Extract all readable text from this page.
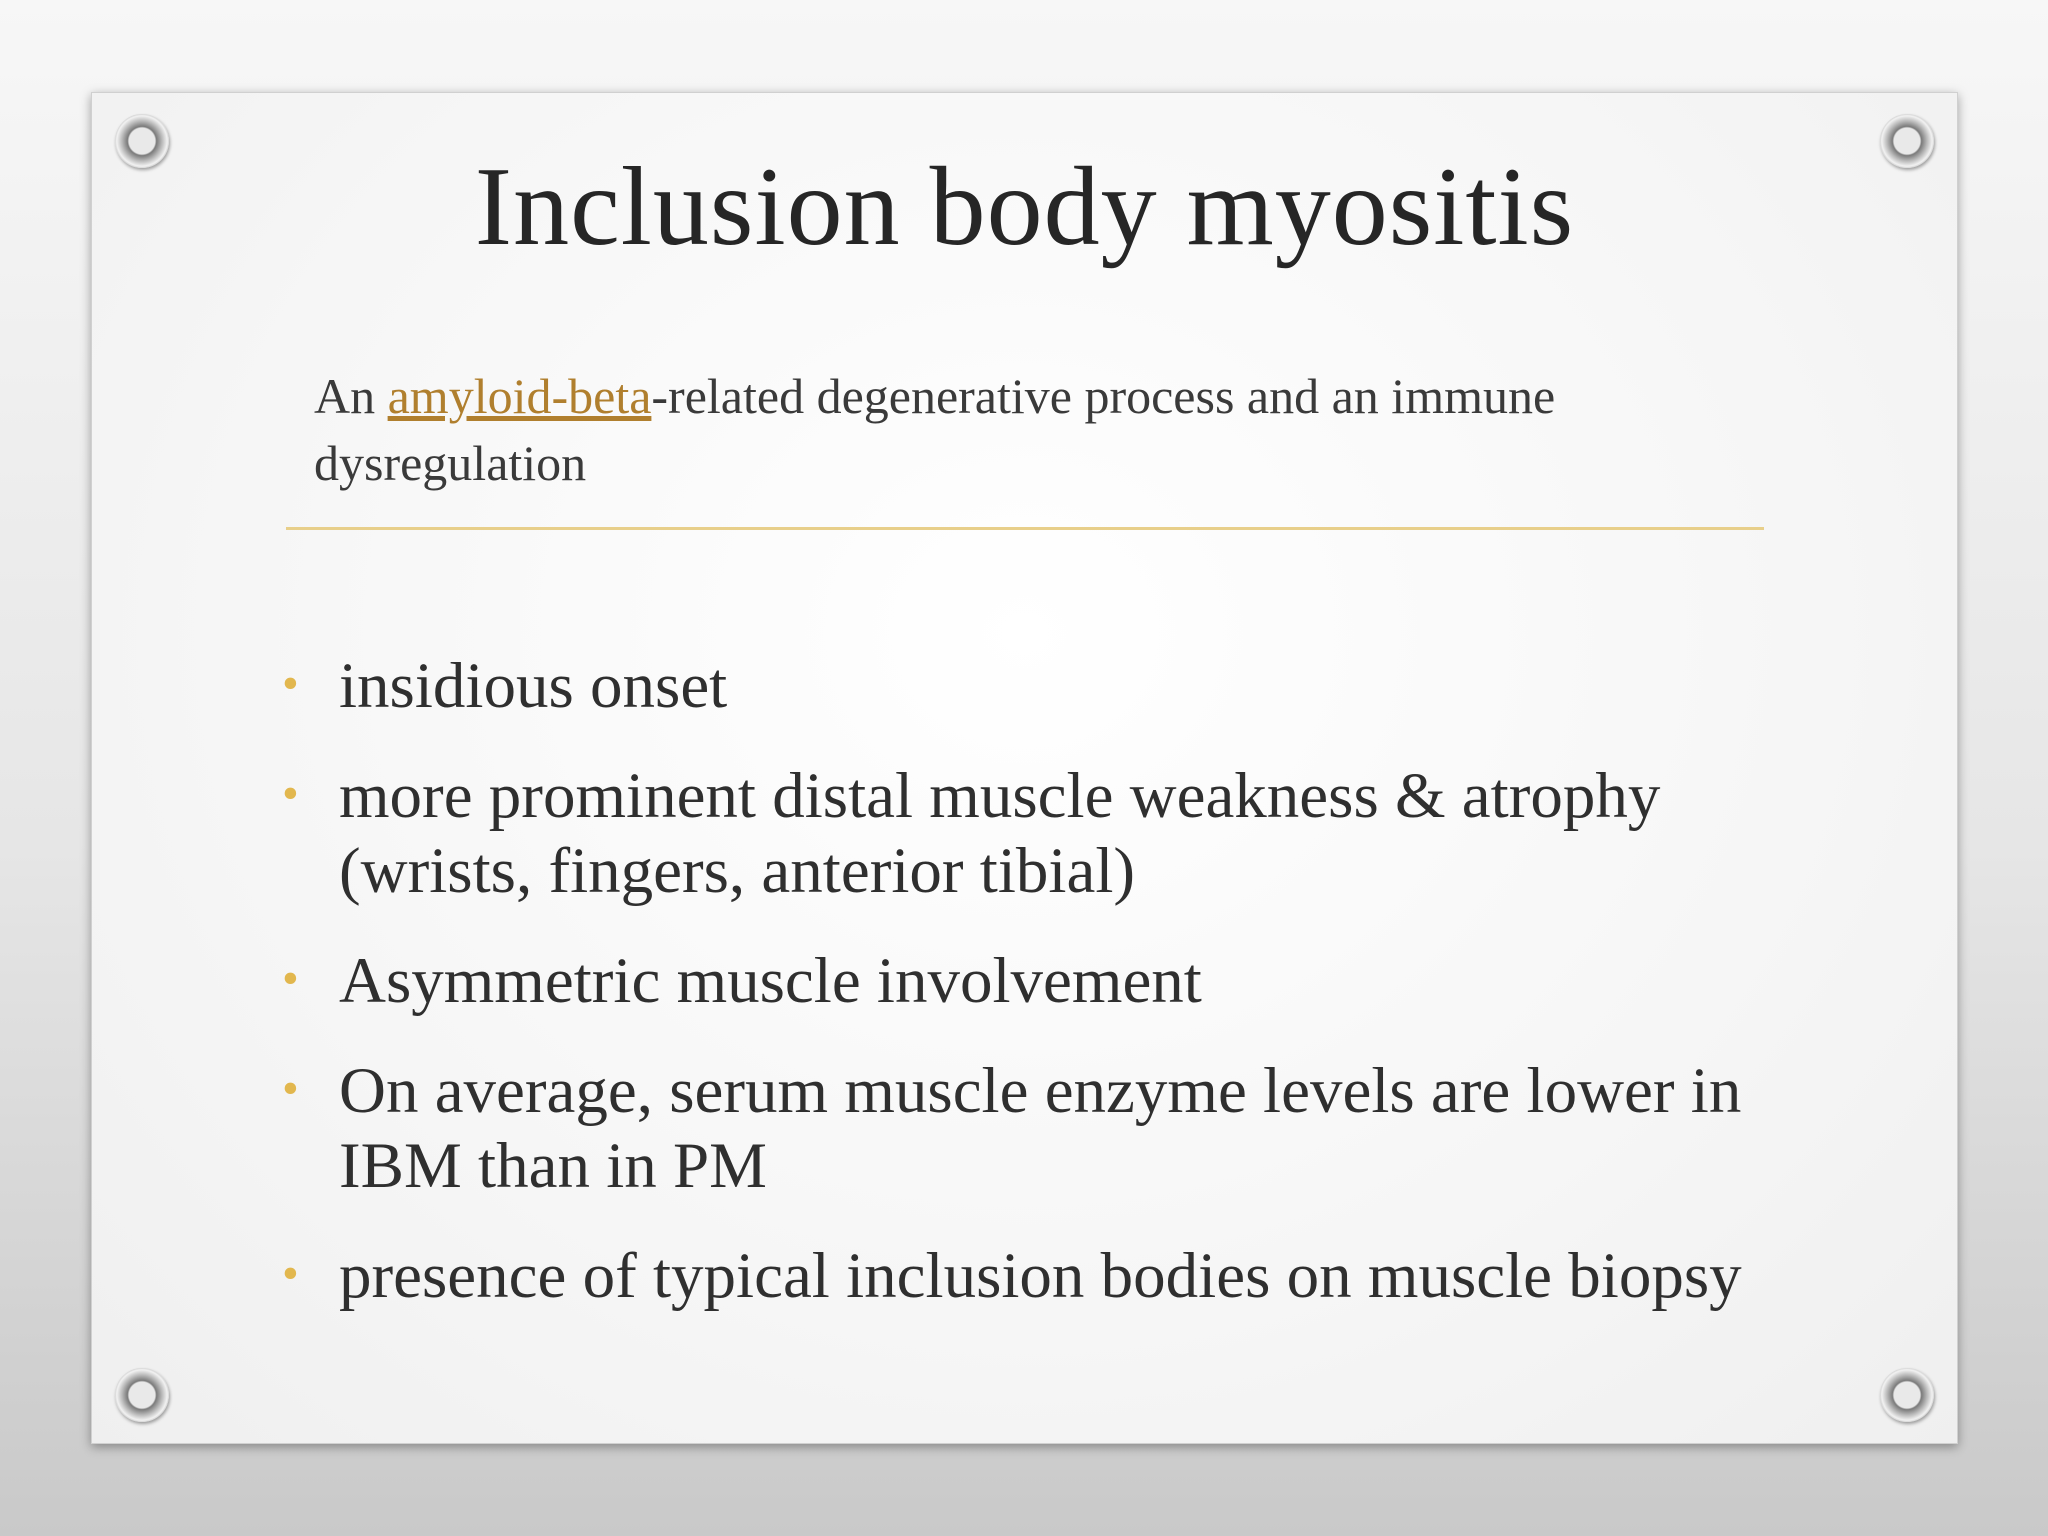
Inclusion body myositis
An amyloid-beta-related degenerative process and an immune dysregulation
• insidious onset
• more prominent distal muscle weakness & atrophy (wrists, fingers, anterior tibial)
• Asymmetric muscle involvement
• On average, serum muscle enzyme levels are lower in IBM than in PM
• presence of typical inclusion bodies on muscle biopsy
